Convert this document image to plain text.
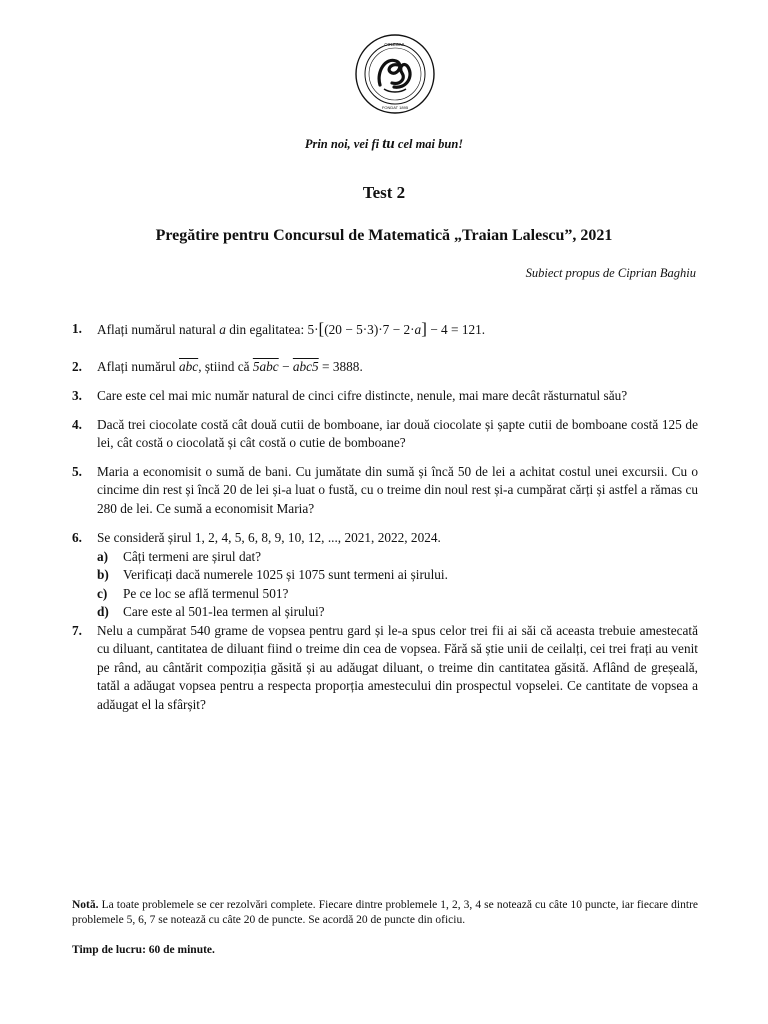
COLEGIUL
FONDAT 1895
Prin noi, vei fi tu cel mai bun!
Test 2
Pregătire pentru Concursul de Matematică „Traian Lalescu”, 2021
Subiect propus de Ciprian Baghiu
1. Aflați numărul natural a din egalitatea: 5·[(20 − 5·3)·7 − 2·a] − 4 = 121.
2. Aflați numărul $\overline{abc}$, știind că 5abc − abc5 = 3888.
3. Care este cel mai mic număr natural de cinci cifre distincte, nenule, mai mare decât răsturnatul său?
4. Dacă trei ciocolate costă cât două cutii de bomboane, iar două ciocolate și șapte cutii de bomboane costă 125 de lei, cât costă o ciocolată și cât costă o cutie de bomboane?
5. Maria a economisit o sumă de bani. Cu jumătate din sumă și încă 50 de lei a achitat costul unei excursii. Cu o cincime din rest și încă 20 de lei și-a luat o fustă, cu o treime din noul rest și-a cumpărat cărți și astfel a rămas cu 280 de lei. Ce sumă a economisit Maria?
6. Se consideră șirul 1, 2, 4, 5, 6, 8, 9, 10, 12, ..., 2021, 2022, 2024.
a) Câți termeni are șirul dat?
b) Verificați dacă numerele 1025 și 1075 sunt termeni ai șirului.
c) Pe ce loc se află termenul 501?
d) Care este al 501-lea termen al șirului?
7. Nelu a cumpărat 540 grame de vopsea pentru gard și le-a spus celor trei fii ai săi că aceasta trebuie amestecată cu diluant, cantitatea de diluant fiind o treime din cea de vopsea. Fără să știe unii de ceilalți, cei trei frați au venit pe rând, au cântărit compoziția găsită și au adăugat diluant, o treime din cantitatea găsită. Aflând de greșeală, tatăl a adăugat vopsea pentru a respecta proporția amestecului din prospectul vopselei. Ce cantitate de vopsea a adăugat el la sfârșit?
Notă. La toate problemele se cer rezolvări complete. Fiecare dintre problemele 1, 2, 3, 4 se notează cu câte 10 puncte, iar fiecare dintre problemele 5, 6, 7 se notează cu câte 20 de puncte. Se acordă 20 de puncte din oficiu.
Timp de lucru: 60 de minute.
